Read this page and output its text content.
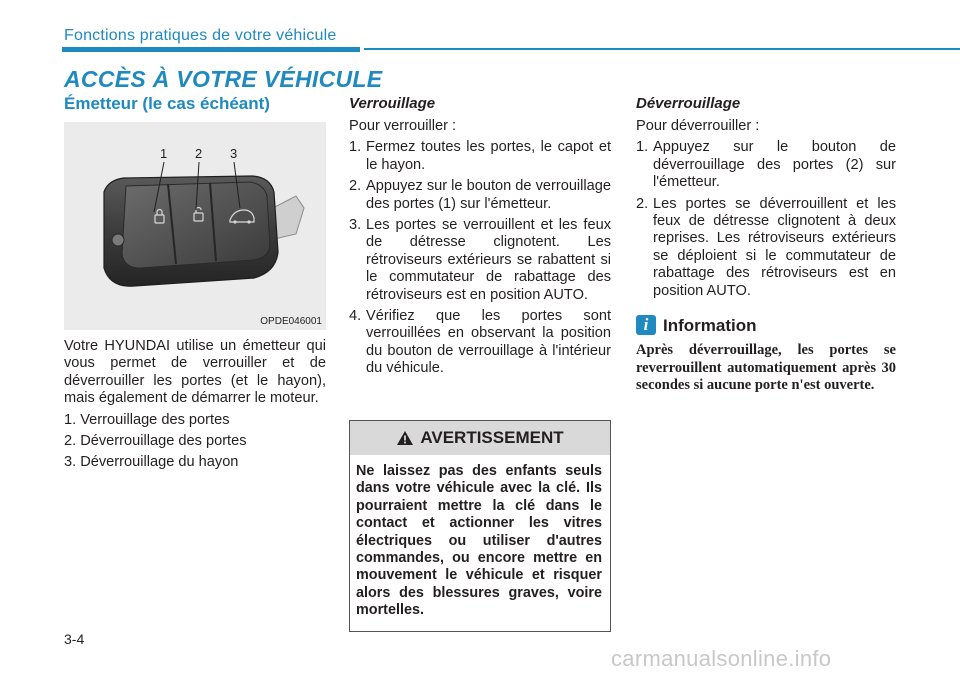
Fonctions pratiques de votre véhicule
ACCÈS À VOTRE VÉHICULE
Émetteur (le cas échéant)
1 2 3
OPDE046001

Votre HYUNDAI utilise un émetteur qui vous permet de verrouiller et de déverrouiller les portes (et le hayon), mais également de démarrer le moteur.

1. Verrouillage des portes

2. Déverrouillage des portes

3. Déverrouillage du hayon

Verrouillage

Pour verrouiller :

1. Fermez toutes les portes, le capot et le hayon.
2. Appuyez sur le bouton de verrouillage des portes (1) sur l'émetteur.
3. Les portes se verrouillent et les feux de détresse clignotent. Les rétroviseurs extérieurs se rabattent si le commutateur de rabattage des rétroviseurs est en position AUTO.
4. Vérifiez que les portes sont verrouillées en observant la position du bouton de verrouillage à l'intérieur du véhicule.
AVERTISSEMENT
Ne laissez pas des enfants seuls dans votre véhicule avec la clé. Ils pourraient mettre la clé dans le contact et actionner les vitres électriques ou utiliser d'autres commandes, ou encore mettre en mouvement le véhicule et risquer alors des blessures graves, voire mortelles.
Déverrouillage

Pour déverrouiller :

1. Appuyez sur le bouton de déverrouillage des portes (2) sur l'émetteur.
2. Les portes se déverrouillent et les feux de détresse clignotent à deux reprises. Les rétroviseurs extérieurs se déploient si le commutateur de rabattage des rétroviseurs est en position AUTO.
i Information
Après déverrouillage, les portes se reverrouillent automatiquement après 30 secondes si aucune porte n'est ouverte.
3-4
carmanualsonline.info
